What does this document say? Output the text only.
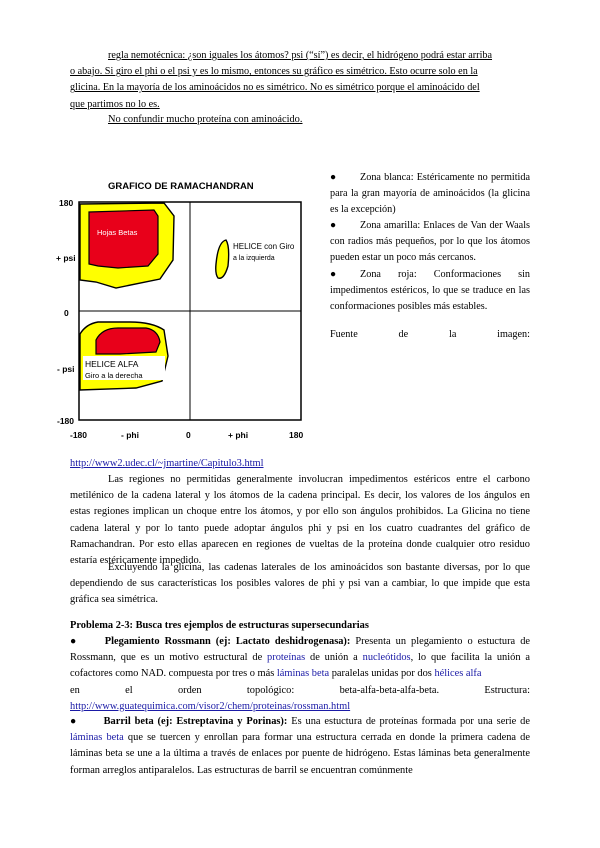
regla nemotécnica: ¿son iguales los átomos? psi (“sí”) es decir, el hidrógeno podrá estar arriba
o abajo. Si giro el phi o el psi y es lo mismo, entonces su gráfico es simétrico. Esto ocurre solo en la
glicina. En la mayoría de los aminoácidos no es simétrico. No es simétrico porque el aminoácido del
que partimos no lo es.
No confundir mucho proteína con aminoácido.
GRAFICO DE RAMACHANDRAN
Hojas Betas
HELICE con Giro
a la izquierda
HELICE ALFA
Giro a la derecha
180
+ psi
0
- psi
-180
-180	- phi	0	+ phi	180

● Zona blanca: Estéricamente no permitida para la gran mayoría de aminoácidos (la glicina es la excepción)

● Zona amarilla: Enlaces de Van der Waals con radios más pequeños, por lo que los átomos pueden estar un poco más cercanos.

● Zona roja: Conformaciones sin impedimentos estéricos, lo que se traduce en las conformaciones posibles más estables.

Fuente	de	la	imagen:
http://www2.udec.cl/~jmartine/Capitulo3.html
Las regiones no permitidas generalmente involucran impedimentos estéricos entre el carbono metilénico de la cadena lateral y los átomos de la cadena principal. Es decir, los valores de los ángulos en estas regiones implican un choque entre los átomos, y por ello son ángulos prohibidos. La Glicina no tiene cadena lateral y por lo tanto puede adoptar ángulos phi y psi en los cuatro cuadrantes del gráfico de Ramachandran. Por esto ellas aparecen en regiones de vueltas de la proteína donde cualquier otro residuo estaría estéricamente impedido.
Excluyendo la glicina, las cadenas laterales de los aminoácidos son bastante diversas, por lo que dependiendo de sus características los posibles valores de phi y psi van a cambiar, lo que impide que esta gráfica sea simétrica.
Problema 2-3: Busca tres ejemplos de estructuras supersecundarias
●	Plegamiento Rossmann (ej: Lactato deshidrogenasa): Presenta un plegamiento o estuctura de Rossmann, que es un motivo estructural de proteínas de unión a nucleótidos, lo que facilita la unión a cofactores como NAD. compuesta por tres o más láminas beta paralelas unidas por dos hélices alfa
en	el	orden	topológico:	beta-alfa-beta-alfa-beta.	Estructura:
http://www.guatequimica.com/visor2/chem/proteinas/rossman.html
●	Barril beta (ej: Estreptavina y Porinas): Es una estuctura de proteínas formada por una serie de láminas beta que se tuercen y enrollan para formar una estructura cerrada en donde la primera cadena de láminas beta se une a la última a través de enlaces por puente de hidrógeno. Estas láminas beta generalmente forman arreglos antiparalelos. Las estructuras de barril se encuentran comúnmente
